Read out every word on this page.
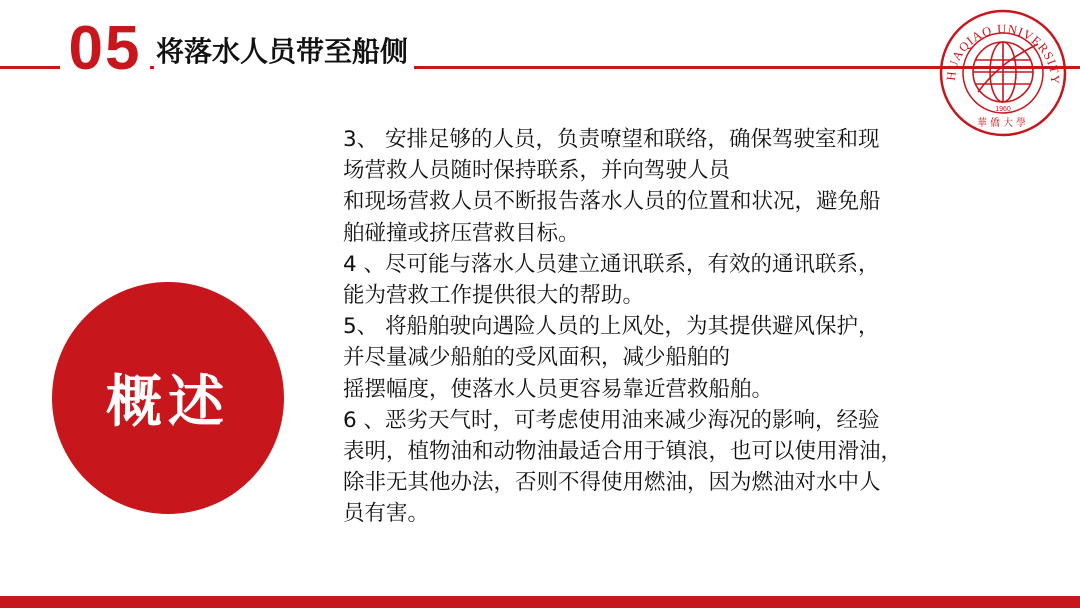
05 将落水人员带至船侧
HUAQIAO UNIVERSITY
1960
華僑大學
概述

3、 安排足够的人员，负责嘹望和联络，确保驾驶室和现

场营救人员随时保持联系，并向驾驶人员

和现场营救人员不断报告落水人员的位置和状况，避免船

舶碰撞或挤压营救目标。

4 、尽可能与落水人员建立通讯联系，有效的通讯联系，

能为营救工作提供很大的帮助。

5、 将船舶驶向遇险人员的上风处，为其提供避风保护，

并尽量减少船舶的受风面积，减少船舶的

摇摆幅度，使落水人员更容易靠近营救船舶。

6 、恶劣天气时，可考虑使用油来减少海况的影响，经验

表明，植物油和动物油最适合用于镇浪，也可以使用滑油，

除非无其他办法，否则不得使用燃油，因为燃油对水中人

员有害。
